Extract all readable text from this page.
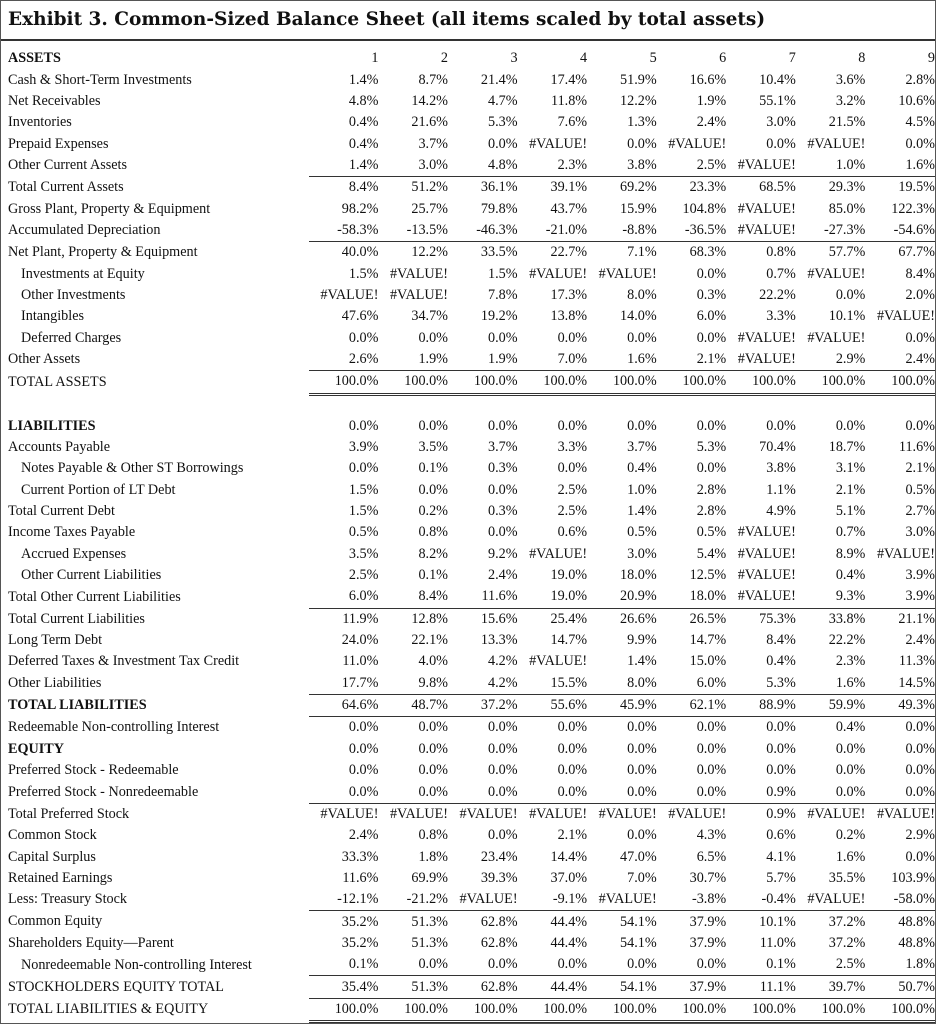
Exhibit 3. Common-Sized Balance Sheet (all items scaled by total assets)
ASSETS	1	2	3	4	5	6	7	8	9
Cash & Short-Term Investments	1.4%	8.7%	21.4%	17.4%	51.9%	16.6%	10.4%	3.6%	2.8%
Net Receivables	4.8%	14.2%	4.7%	11.8%	12.2%	1.9%	55.1%	3.2%	10.6%
Inventories	0.4%	21.6%	5.3%	7.6%	1.3%	2.4%	3.0%	21.5%	4.5%
Prepaid Expenses	0.4%	3.7%	0.0%	#VALUE!	0.0%	#VALUE!	0.0%	#VALUE!	0.0%
Other Current Assets	1.4%	3.0%	4.8%	2.3%	3.8%	2.5%	#VALUE!	1.0%	1.6%
Total Current Assets	8.4%	51.2%	36.1%	39.1%	69.2%	23.3%	68.5%	29.3%	19.5%
Gross Plant, Property & Equipment	98.2%	25.7%	79.8%	43.7%	15.9%	104.8%	#VALUE!	85.0%	122.3%
Accumulated Depreciation	-58.3%	-13.5%	-46.3%	-21.0%	-8.8%	-36.5%	#VALUE!	-27.3%	-54.6%
Net Plant, Property & Equipment	40.0%	12.2%	33.5%	22.7%	7.1%	68.3%	0.8%	57.7%	67.7%
Investments at Equity	1.5%	#VALUE!	1.5%	#VALUE!	#VALUE!	0.0%	0.7%	#VALUE!	8.4%
Other Investments	#VALUE!	#VALUE!	7.8%	17.3%	8.0%	0.3%	22.2%	0.0%	2.0%
Intangibles	47.6%	34.7%	19.2%	13.8%	14.0%	6.0%	3.3%	10.1%	#VALUE!
Deferred Charges	0.0%	0.0%	0.0%	0.0%	0.0%	0.0%	#VALUE!	#VALUE!	0.0%
Other Assets	2.6%	1.9%	1.9%	7.0%	1.6%	2.1%	#VALUE!	2.9%	2.4%
TOTAL ASSETS	100.0%	100.0%	100.0%	100.0%	100.0%	100.0%	100.0%	100.0%	100.0%

LIABILITIES	0.0%	0.0%	0.0%	0.0%	0.0%	0.0%	0.0%	0.0%	0.0%
Accounts Payable	3.9%	3.5%	3.7%	3.3%	3.7%	5.3%	70.4%	18.7%	11.6%
Notes Payable & Other ST Borrowings	0.0%	0.1%	0.3%	0.0%	0.4%	0.0%	3.8%	3.1%	2.1%
Current Portion of LT Debt	1.5%	0.0%	0.0%	2.5%	1.0%	2.8%	1.1%	2.1%	0.5%
Total Current Debt	1.5%	0.2%	0.3%	2.5%	1.4%	2.8%	4.9%	5.1%	2.7%
Income Taxes Payable	0.5%	0.8%	0.0%	0.6%	0.5%	0.5%	#VALUE!	0.7%	3.0%
Accrued Expenses	3.5%	8.2%	9.2%	#VALUE!	3.0%	5.4%	#VALUE!	8.9%	#VALUE!
Other Current Liabilities	2.5%	0.1%	2.4%	19.0%	18.0%	12.5%	#VALUE!	0.4%	3.9%
Total Other Current Liabilities	6.0%	8.4%	11.6%	19.0%	20.9%	18.0%	#VALUE!	9.3%	3.9%
Total Current Liabilities	11.9%	12.8%	15.6%	25.4%	26.6%	26.5%	75.3%	33.8%	21.1%
Long Term Debt	24.0%	22.1%	13.3%	14.7%	9.9%	14.7%	8.4%	22.2%	2.4%
Deferred Taxes & Investment Tax Credit	11.0%	4.0%	4.2%	#VALUE!	1.4%	15.0%	0.4%	2.3%	11.3%
Other Liabilities	17.7%	9.8%	4.2%	15.5%	8.0%	6.0%	5.3%	1.6%	14.5%
TOTAL LIABILITIES	64.6%	48.7%	37.2%	55.6%	45.9%	62.1%	88.9%	59.9%	49.3%
Redeemable Non-controlling Interest	0.0%	0.0%	0.0%	0.0%	0.0%	0.0%	0.0%	0.4%	0.0%
EQUITY	0.0%	0.0%	0.0%	0.0%	0.0%	0.0%	0.0%	0.0%	0.0%
Preferred Stock - Redeemable	0.0%	0.0%	0.0%	0.0%	0.0%	0.0%	0.0%	0.0%	0.0%
Preferred Stock - Nonredeemable	0.0%	0.0%	0.0%	0.0%	0.0%	0.0%	0.9%	0.0%	0.0%
Total Preferred Stock	#VALUE!	#VALUE!	#VALUE!	#VALUE!	#VALUE!	#VALUE!	0.9%	#VALUE!	#VALUE!
Common Stock	2.4%	0.8%	0.0%	2.1%	0.0%	4.3%	0.6%	0.2%	2.9%
Capital Surplus	33.3%	1.8%	23.4%	14.4%	47.0%	6.5%	4.1%	1.6%	0.0%
Retained Earnings	11.6%	69.9%	39.3%	37.0%	7.0%	30.7%	5.7%	35.5%	103.9%
Less: Treasury Stock	-12.1%	-21.2%	#VALUE!	-9.1%	#VALUE!	-3.8%	-0.4%	#VALUE!	-58.0%
Common Equity	35.2%	51.3%	62.8%	44.4%	54.1%	37.9%	10.1%	37.2%	48.8%
Shareholders Equity—Parent	35.2%	51.3%	62.8%	44.4%	54.1%	37.9%	11.0%	37.2%	48.8%
Nonredeemable Non-controlling Interest	0.1%	0.0%	0.0%	0.0%	0.0%	0.0%	0.1%	2.5%	1.8%
STOCKHOLDERS EQUITY TOTAL	35.4%	51.3%	62.8%	44.4%	54.1%	37.9%	11.1%	39.7%	50.7%
TOTAL LIABILITIES & EQUITY	100.0%	100.0%	100.0%	100.0%	100.0%	100.0%	100.0%	100.0%	100.0%
